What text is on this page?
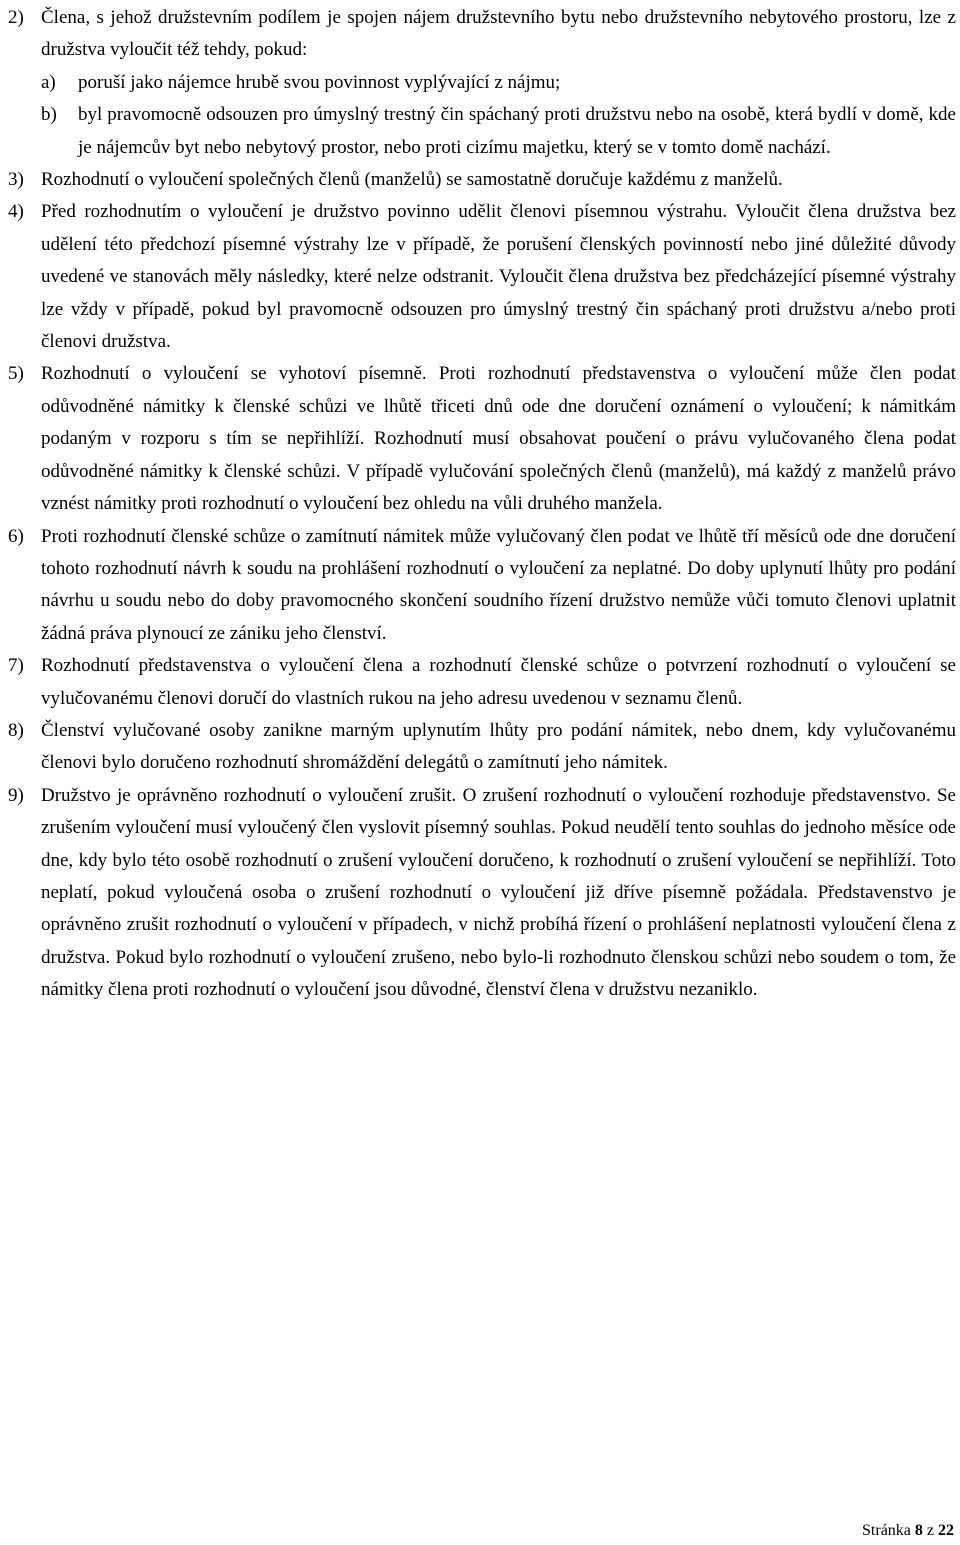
2) Člena, s jehož družstevním podílem je spojen nájem družstevního bytu nebo družstevního nebytového prostoru, lze z družstva vyloučit též tehdy, pokud:
a) poruší jako nájemce hrubě svou povinnost vyplývající z nájmu;
b) byl pravomocně odsouzen pro úmyslný trestný čin spáchaný proti družstvu nebo na osobě, která bydlí v domě, kde je nájemcův byt nebo nebytový prostor, nebo proti cizímu majetku, který se v tomto domě nachází.
3) Rozhodnutí o vyloučení společných členů (manželů) se samostatně doručuje každému z manželů.
4) Před rozhodnutím o vyloučení je družstvo povinno udělit členovi písemnou výstrahu. Vyloučit člena družstva bez udělení této předchozí písemné výstrahy lze v případě, že porušení členských povinností nebo jiné důležité důvody uvedené ve stanovách měly následky, které nelze odstranit. Vyloučit člena družstva bez předcházející písemné výstrahy lze vždy v případě, pokud byl pravomocně odsouzen pro úmyslný trestný čin spáchaný proti družstvu a/nebo proti členovi družstva.
5) Rozhodnutí o vyloučení se vyhotoví písemně. Proti rozhodnutí představenstva o vyloučení může člen podat odůvodněné námitky k členské schůzi ve lhůtě třiceti dnů ode dne doručení oznámení o vyloučení; k námitkám podaným v rozporu s tím se nepřihlíží. Rozhodnutí musí obsahovat poučení o právu vylučovaného člena podat odůvodněné námitky k členské schůzi. V případě vylučování společných členů (manželů), má každý z manželů právo vznést námitky proti rozhodnutí o vyloučení bez ohledu na vůli druhého manžela.
6) Proti rozhodnutí členské schůze o zamítnutí námitek může vylučovaný člen podat ve lhůtě tří měsíců ode dne doručení tohoto rozhodnutí návrh k soudu na prohlášení rozhodnutí o vyloučení za neplatné. Do doby uplynutí lhůty pro podání návrhu u soudu nebo do doby pravomocného skončení soudního řízení družstvo nemůže vůči tomuto členovi uplatnit žádná práva plynoucí ze zániku jeho členství.
7) Rozhodnutí představenstva o vyloučení člena a rozhodnutí členské schůze o potvrzení rozhodnutí o vyloučení se vylučovanému členovi doručí do vlastních rukou na jeho adresu uvedenou v seznamu členů.
8) Členství vylučované osoby zanikne marným uplynutím lhůty pro podání námitek, nebo dnem, kdy vylučovanému členovi bylo doručeno rozhodnutí shromáždění delegátů o zamítnutí jeho námitek.
9) Družstvo je oprávněno rozhodnutí o vyloučení zrušit. O zrušení rozhodnutí o vyloučení rozhoduje představenstvo. Se zrušením vyloučení musí vyloučený člen vyslovit písemný souhlas. Pokud neudělí tento souhlas do jednoho měsíce ode dne, kdy bylo této osobě rozhodnutí o zrušení vyloučení doručeno, k rozhodnutí o zrušení vyloučení se nepřihlíží. Toto neplatí, pokud vyloučená osoba o zrušení rozhodnutí o vyloučení již dříve písemně požádala. Představenstvo je oprávněno zrušit rozhodnutí o vyloučení v případech, v nichž probíhá řízení o prohlášení neplatnosti vyloučení člena z družstva. Pokud bylo rozhodnutí o vyloučení zrušeno, nebo bylo-li rozhodnuto členskou schůzi nebo soudem o tom, že námitky člena proti rozhodnutí o vyloučení jsou důvodné, členství člena v družstvu nezaniklo.
Stránka 8 z 22
